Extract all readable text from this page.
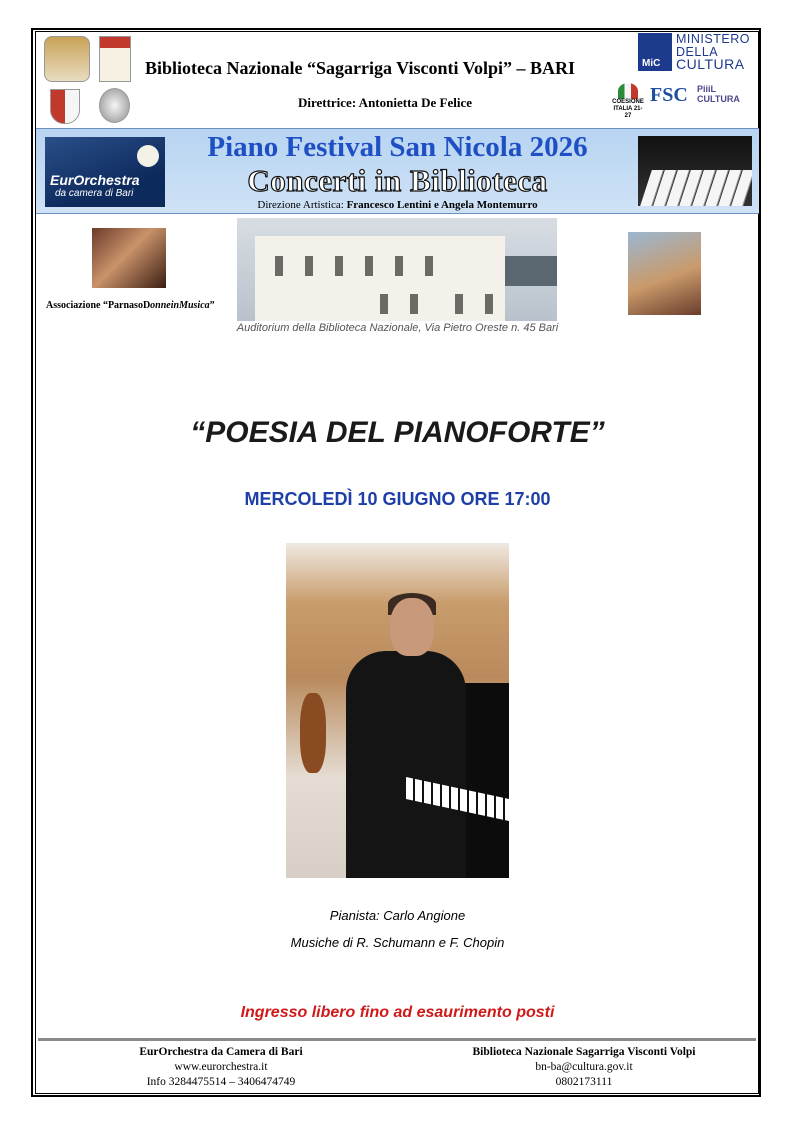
Biblioteca Nazionale “Sagarriga Visconti Volpi” – BARI
Direttrice: Antonietta De Felice
MiC
MINISTERO
DELLA
CULTURA
COESIONE ITALIA 21-27
FSC PiiiL CULTURA
Piano Festival San Nicola 2026
Concerti in Biblioteca
Direzione Artistica: Francesco Lentini e Angela Montemurro
EurOrchestra
da camera di Bari
Associazione “ParnasoDonneinMusica”
Auditorium della Biblioteca Nazionale, Via Pietro Oreste n. 45 Bari
“POESIA DEL PIANOFORTE”
MERCOLEDÌ 10 GIUGNO ORE 17:00
Pianista: Carlo Angione
Musiche di R. Schumann e F. Chopin
Ingresso libero fino ad esaurimento posti
EurOrchestra da Camera di Bari
www.eurorchestra.it
Info 3284475514 – 3406474749
Biblioteca Nazionale Sagarriga Visconti Volpi
bn-ba@cultura.gov.it
0802173111
